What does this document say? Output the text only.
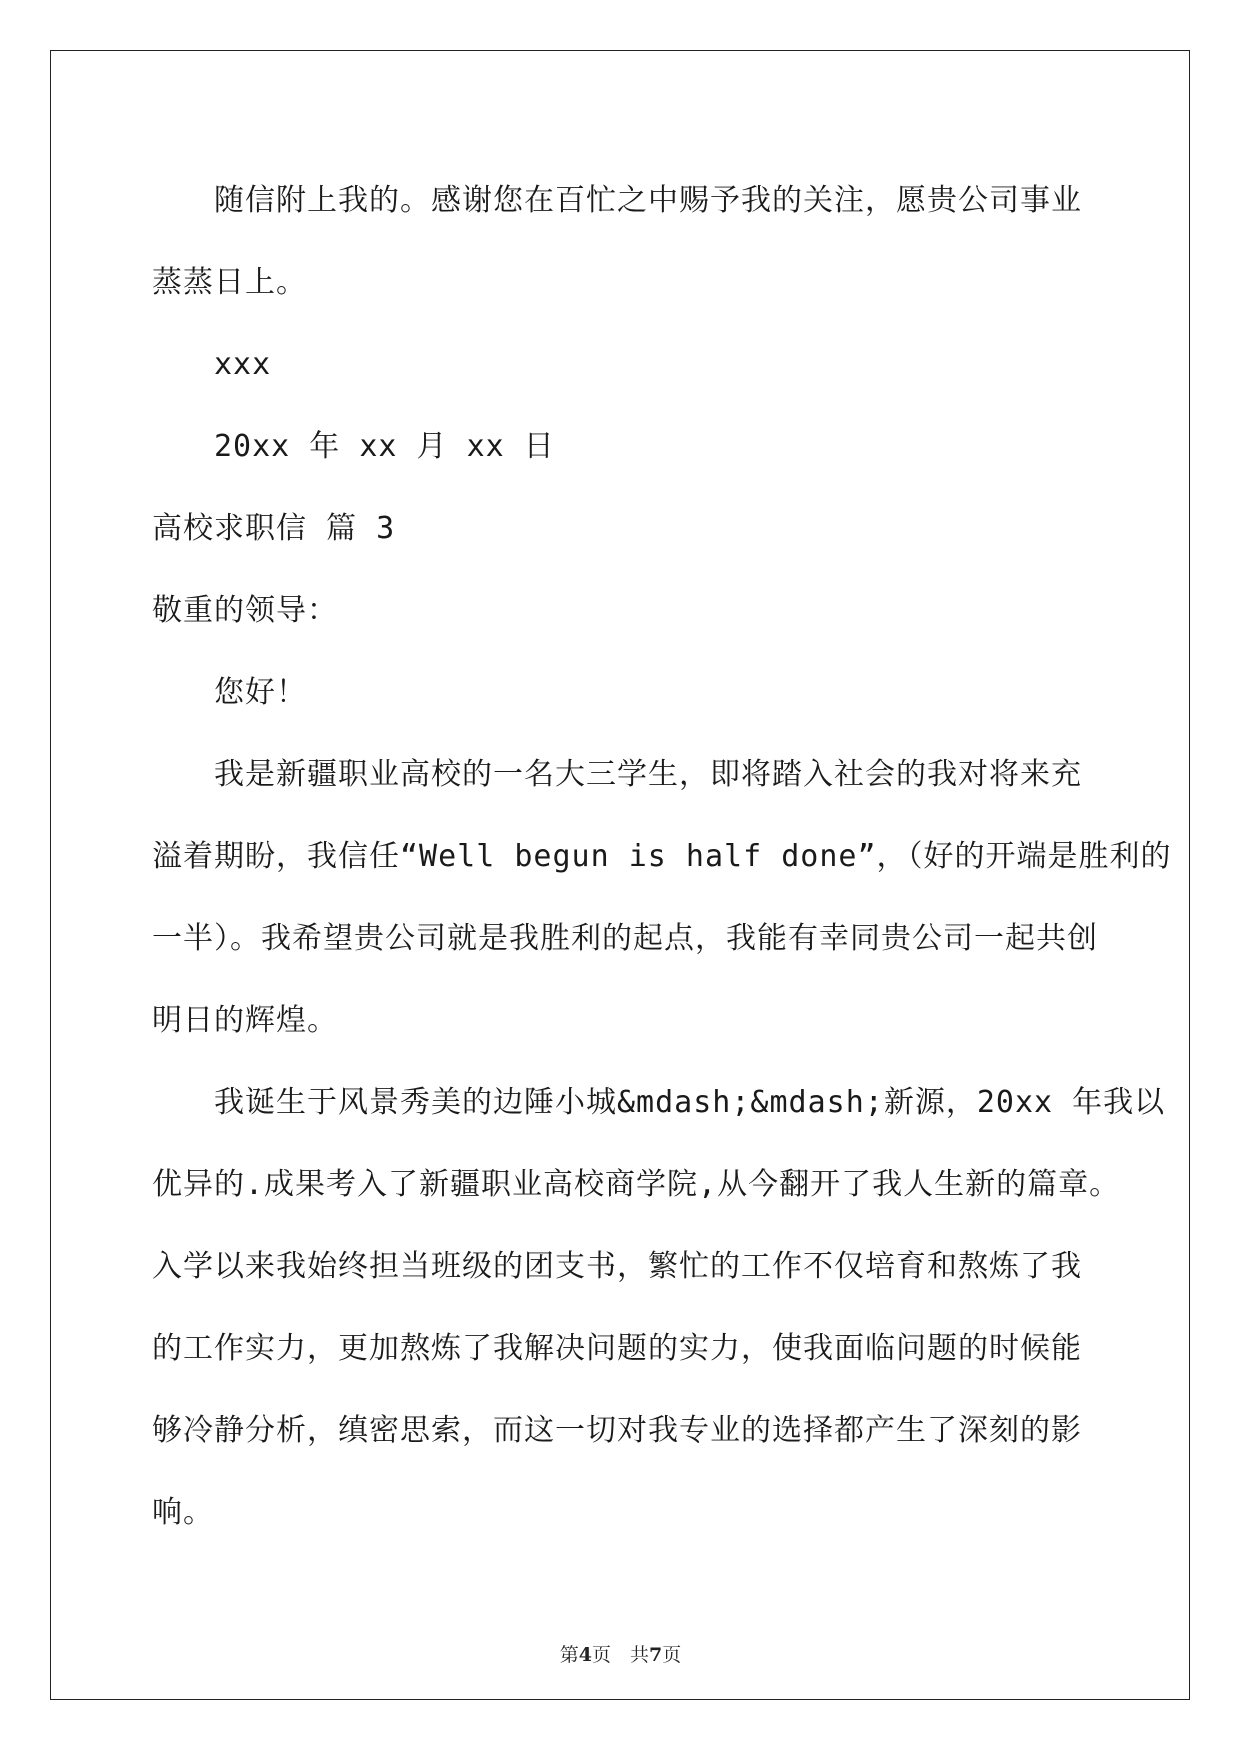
随信附上我的。感谢您在百忙之中赐予我的关注，愿贵公司事业
蒸蒸日上。
xxx
20xx 年 xx 月 xx 日
高校求职信 篇 3
敬重的领导：
您好！
我是新疆职业高校的一名大三学生，即将踏入社会的我对将来充
溢着期盼，我信任“Well begun is half done”，（好的开端是胜利的
一半）。我希望贵公司就是我胜利的起点，我能有幸同贵公司一起共创
明日的辉煌。
我诞生于风景秀美的边陲小城&mdash;&mdash;新源，20xx 年我以
优异的.成果考入了新疆职业高校商学院,从今翻开了我人生新的篇章。
入学以来我始终担当班级的团支书，繁忙的工作不仅培育和熬炼了我
的工作实力，更加熬炼了我解决问题的实力，使我面临问题的时候能
够冷静分析，缜密思索，而这一切对我专业的选择都产生了深刻的影
响。
第4页　共7页
